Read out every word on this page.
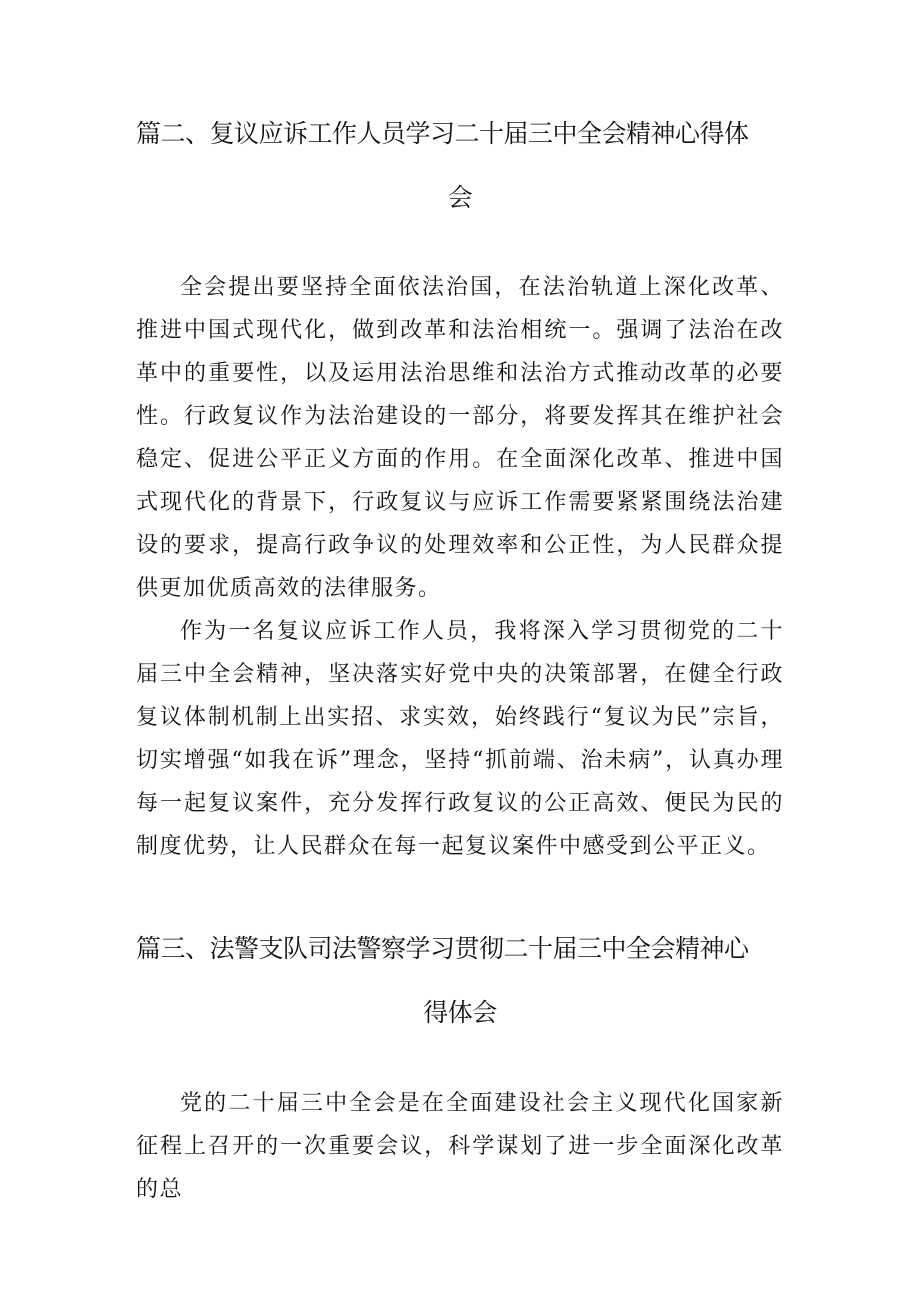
篇二、复议应诉工作人员学习二十届三中全会精神心得体
会

全会提出要坚持全面依法治国，在法治轨道上深化改革、推进中国式现代化，做到改革和法治相统一。强调了法治在改革中的重要性，以及运用法治思维和法治方式推动改革的必要性。行政复议作为法治建设的一部分，将要发挥其在维护社会稳定、促进公平正义方面的作用。在全面深化改革、推进中国式现代化的背景下，行政复议与应诉工作需要紧紧围绕法治建设的要求，提高行政争议的处理效率和公正性，为人民群众提供更加优质高效的法律服务。

作为一名复议应诉工作人员，我将深入学习贯彻党的二十届三中全会精神，坚决落实好党中央的决策部署，在健全行政复议体制机制上出实招、求实效，始终践行“复议为民”宗旨，切实增强“如我在诉”理念，坚持“抓前端、治未病”，认真办理每一起复议案件，充分发挥行政复议的公正高效、便民为民的制度优势，让人民群众在每一起复议案件中感受到公平正义。

篇三、法警支队司法警察学习贯彻二十届三中全会精神心
得体会

党的二十届三中全会是在全面建设社会主义现代化国家新征程上召开的一次重要会议，科学谋划了进一步全面深化改革的总
